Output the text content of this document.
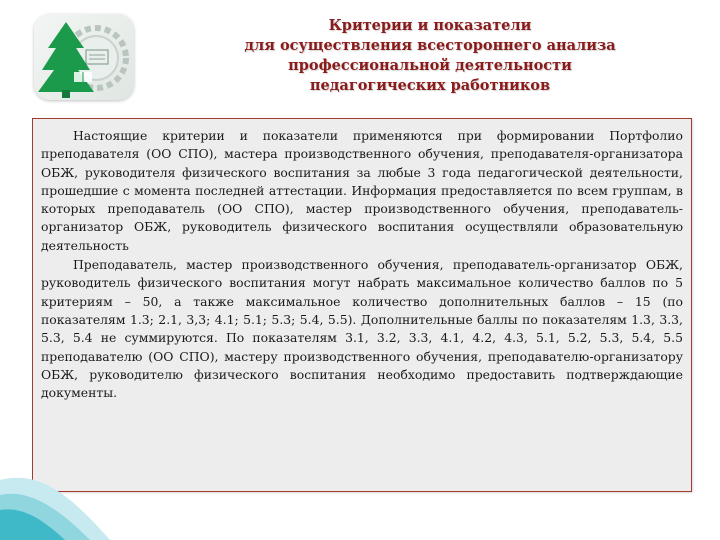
Критерии и показатели
для осуществления всестороннего анализа
профессиональной деятельности
педагогических работников

Настоящие критерии и показатели применяются при формировании Портфолио преподавателя (ОО СПО), мастера производственного обучения, преподавателя-организатора ОБЖ, руководителя физического воспитания за любые 3 года педагогической деятельности, прошедшие с момента последней аттестации. Информация предоставляется по всем группам, в которых преподаватель (ОО СПО), мастер производственного обучения, преподаватель-организатор ОБЖ, руководитель физического воспитания осуществляли образовательную деятельность

Преподаватель, мастер производственного обучения, преподаватель-организатор ОБЖ, руководитель физического воспитания могут набрать максимальное количество баллов по 5 критериям – 50, а также максимальное количество дополнительных баллов – 15 (по показателям 1.3; 2.1, 3,3; 4.1; 5.1; 5.3; 5.4, 5.5). Дополнительные баллы по показателям 1.3, 3.3, 5.3, 5.4 не суммируются. По показателям 3.1, 3.2, 3.3, 4.1, 4.2, 4.3, 5.1, 5.2, 5.3, 5.4, 5.5 преподавателю (ОО СПО), мастеру производственного обучения, преподавателю-организатору ОБЖ, руководителю физического воспитания необходимо предоставить подтверждающие документы.
